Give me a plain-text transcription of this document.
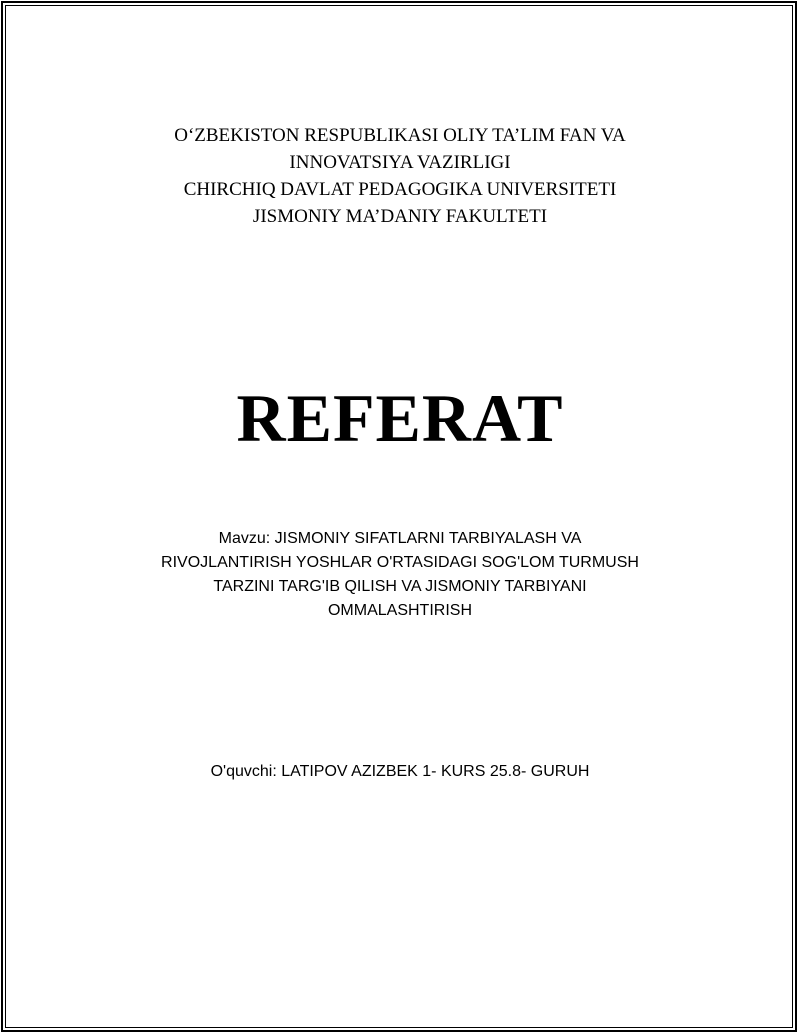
O‘ZBEKISTON RESPUBLIKASI OLIY TA’LIM FAN VA
INNOVATSIYA VAZIRLIGI
CHIRCHIQ DAVLAT PEDAGOGIKA UNIVERSITETI
JISMONIY MA’DANIY FAKULTETI
REFERAT
Mavzu: JISMONIY SIFATLARNI TARBIYALASH VA
RIVOJLANTIRISH YOSHLAR O'RTASIDAGI SOG'LOM TURMUSH
TARZINI TARG'IB QILISH VA JISMONIY TARBIYANI
OMMALASHTIRISH
O'quvchi: LATIPOV AZIZBEK 1- KURS 25.8- GURUH
